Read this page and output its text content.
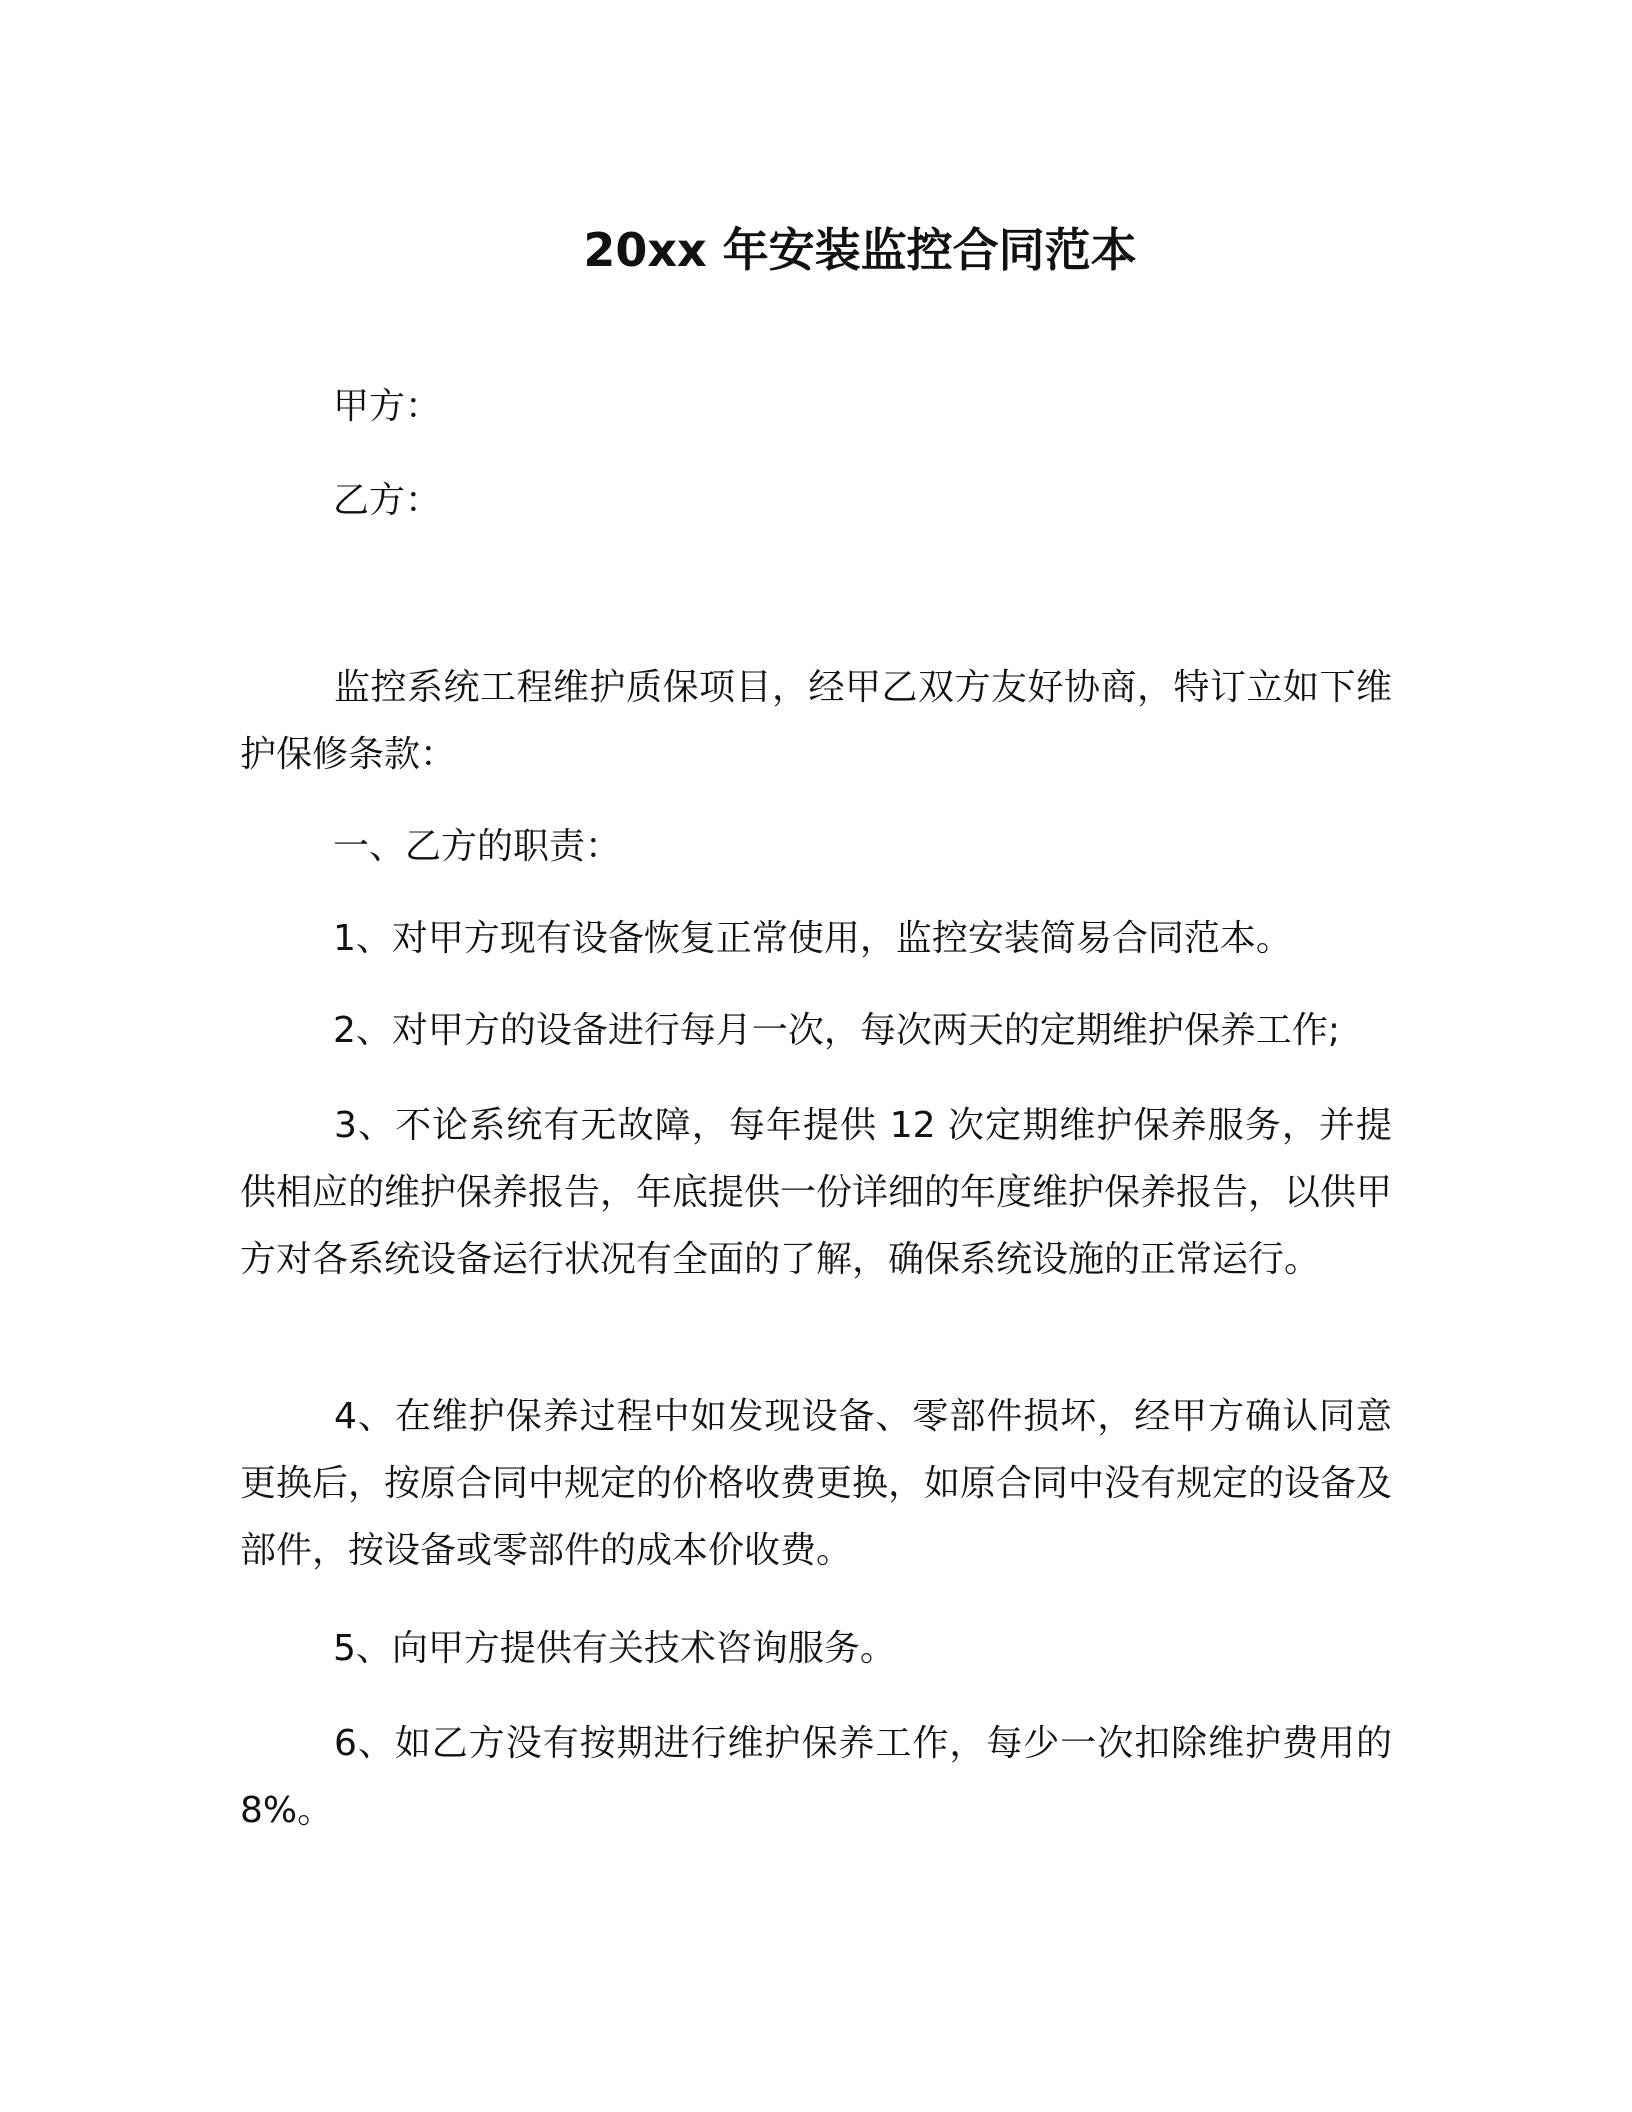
20xx 年安装监控合同范本
甲方：
乙方：
监控系统工程维护质保项目，经甲乙双方友好协商，特订立如下维护保修条款：
一、乙方的职责：
1、对甲方现有设备恢复正常使用，监控安装简易合同范本。
2、对甲方的设备进行每月一次，每次两天的定期维护保养工作;
3、不论系统有无故障，每年提供 12 次定期维护保养服务，并提供相应的维护保养报告，年底提供一份详细的年度维护保养报告，以供甲方对各系统设备运行状况有全面的了解，确保系统设施的正常运行。
4、在维护保养过程中如发现设备、零部件损坏，经甲方确认同意更换后，按原合同中规定的价格收费更换，如原合同中没有规定的设备及部件，按设备或零部件的成本价收费。
5、向甲方提供有关技术咨询服务。
6、如乙方没有按期进行维护保养工作，每少一次扣除维护费用的 8%。
